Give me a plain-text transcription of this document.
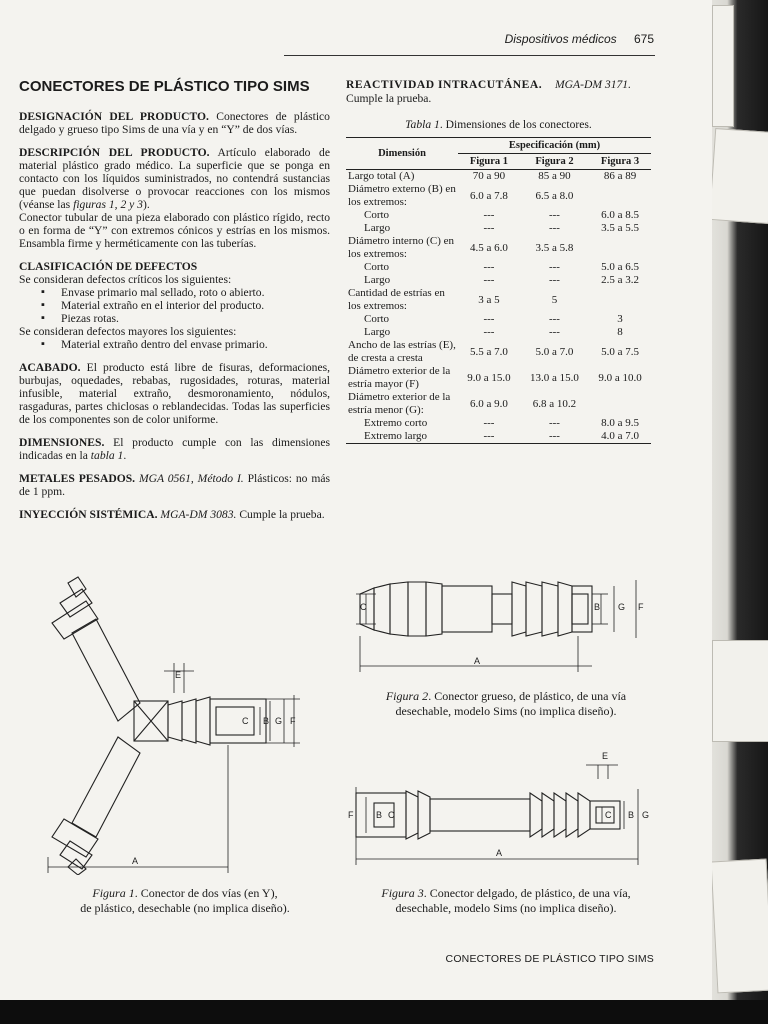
Dispositivos médicos 675
CONECTORES DE PLÁSTICO TIPO SIMS

DESIGNACIÓN DEL PRODUCTO. Conectores de plástico delgado y grueso tipo Sims de una vía y en “Y” de dos vías.

DESCRIPCIÓN DEL PRODUCTO. Artículo elaborado de material plástico grado médico. La superficie que se ponga en contacto con los líquidos suministrados, no contendrá sustancias que puedan disolverse o provocar reacciones con los mismos (véanse las figuras 1, 2 y 3).

Conector tubular de una pieza elaborado con plástico rígido, recto o en forma de “Y” con extremos cónicos y estrías en los mismos. Ensambla firme y herméticamente con las tuberías.

CLASIFICACIÓN DE DEFECTOS
Se consideran defectos críticos los siguientes:
▪ Envase primario mal sellado, roto o abierto.
▪ Material extraño en el interior del producto.
▪ Piezas rotas.
Se consideran defectos mayores los siguientes:
▪ Material extraño dentro del envase primario.

ACABADO. El producto está libre de fisuras, deformaciones, burbujas, oquedades, rebabas, rugosidades, roturas, material infusible, material extraño, desmoronamiento, nódulos, rasgaduras, partes chiclosas o reblandecidas. Todas las superficies de los componentes son de color uniforme.

DIMENSIONES. El producto cumple con las dimensiones indicadas en la tabla 1.

METALES PESADOS. MGA 0561, Método I. Plásticos: no más de 1 ppm.

INYECCIÓN SISTÉMICA. MGA-DM 3083. Cumple la prueba.

REACTIVIDAD INTRACUTÁNEA. MGA-DM 3171.
Cumple la prueba.
Tabla 1. Dimensiones de los conectores.
Dimensión	Especificación (mm)		
	Figura 1	Figura 2	Figura 3
Largo total (A)	70 a 90	85 a 90	86 a 89
Diámetro externo (B) en los extremos:	6.0 a 7.8	6.5 a 8.0	
Corto	---	---	6.0 a 8.5
Largo	---	---	3.5 a 5.5
Diámetro interno (C) en los extremos:	4.5 a 6.0	3.5 a 5.8	
Corto	---	---	5.0 a 6.5
Largo	---	---	2.5 a 3.2
Cantidad de estrías en los extremos:	3 a 5	5	
Corto	---	---	3
Largo	---	---	8
Ancho de las estrías (E), de cresta a cresta	5.5 a 7.0	5.0 a 7.0	5.0 a 7.5
Diámetro exterior de la estría mayor (F)	9.0 a 15.0	13.0 a 15.0	9.0 a 10.0
Diámetro exterior de la estría menor (G):	6.0 a 9.0	6.8 a 10.2	
Extremo corto	---	---	8.0 a 9.5
Extremo largo	---	---	4.0 a 7.0
E
C B G F
A
Figura 1. Conector de dos vías (en Y),
de plástico, desechable (no implica diseño).
C	B G F
A
Figura 2. Conector grueso, de plástico, de una vía
desechable, modelo Sims (no implica diseño).
E
F	B C	C B G
A
Figura 3. Conector delgado, de plástico, de una vía,
desechable, modelo Sims (no implica diseño).
CONECTORES DE PLÁSTICO TIPO SIMS
